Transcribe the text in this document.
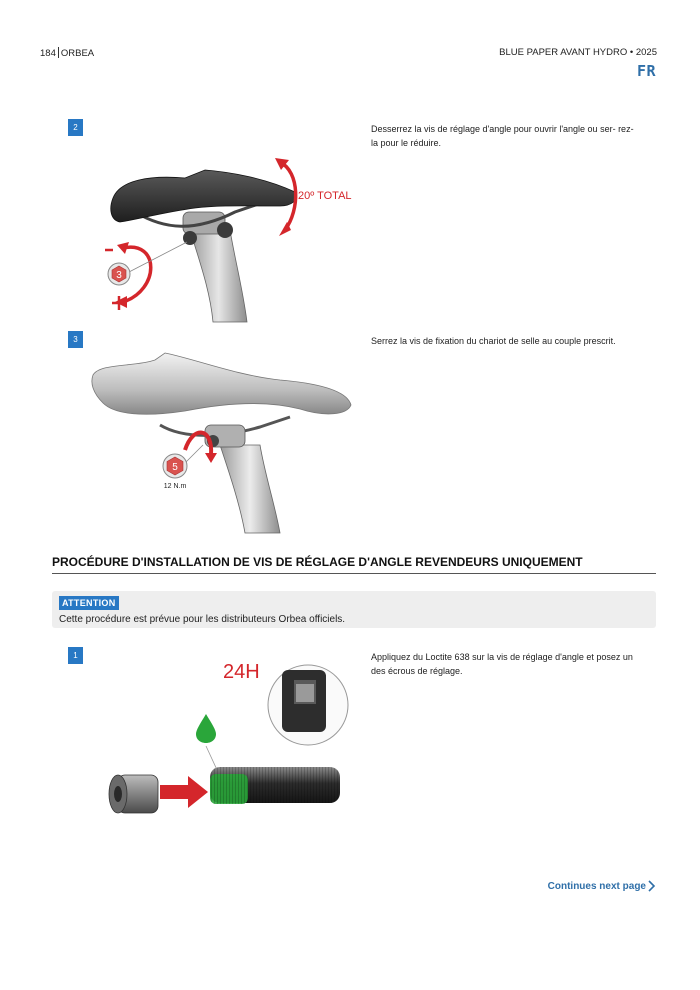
184 ORBEA	BLUE PAPER AVANT HYDRO • 2025
FR
2	Desserrez la vis de réglage d'angle pour ouvrir l'angle ou ser- rez-la pour le réduire.
20º TOTAL
3
3	Serrez la vis de fixation du chariot de selle au couple prescrit.
5
12 N.m
PROCÉDURE D'INSTALLATION DE VIS DE RÉGLAGE D'ANGLE REVENDEURS UNIQUEMENT
ATTENTION
Cette procédure est prévue pour les distributeurs Orbea officiels.
1	Appliquez du Loctite 638 sur la vis de réglage d'angle et posez un des écrous de réglage.
24H
Continues next page
